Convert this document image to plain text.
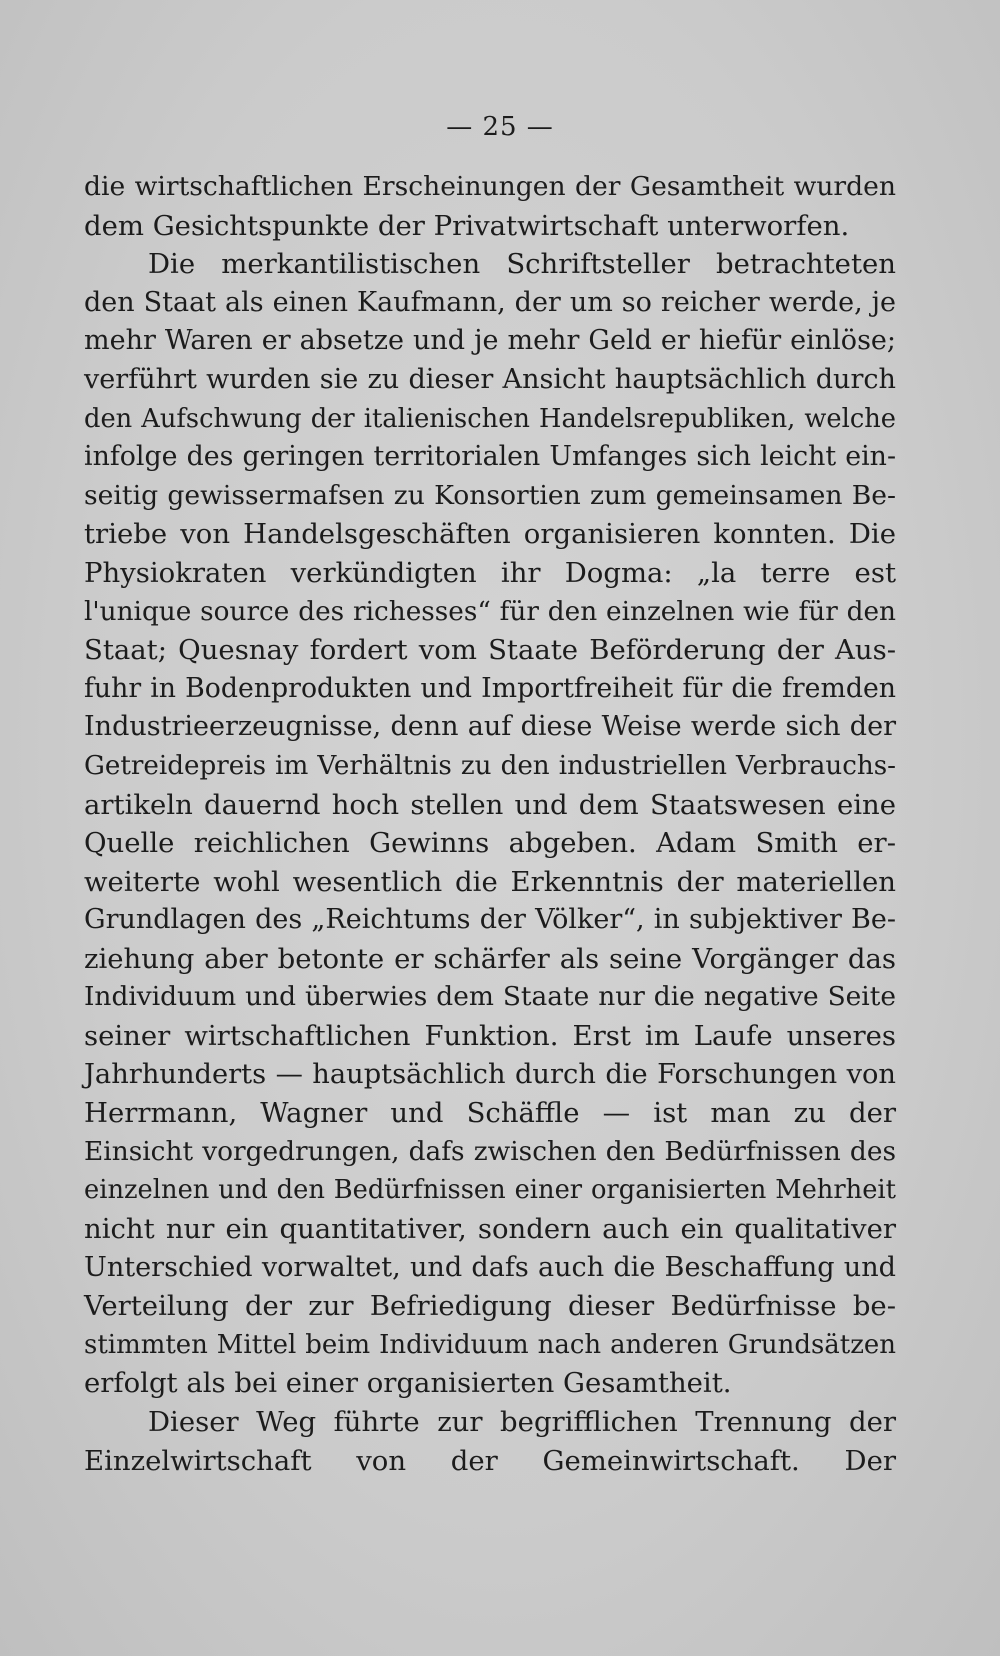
— 25 —
die wirtschaftlichen Erscheinungen der Gesamtheit wurden
dem Gesichtspunkte der Privatwirtschaft unterworfen.
Die merkantilistischen Schriftsteller betrachteten
den Staat als einen Kaufmann, der um so reicher werde, je
mehr Waren er absetze und je mehr Geld er hiefür einlöse;
verführt wurden sie zu dieser Ansicht hauptsächlich durch
den Aufschwung der italienischen Handelsrepubliken, welche
infolge des geringen territorialen Umfanges sich leicht ein-
seitig gewissermafsen zu Konsortien zum gemeinsamen Be-
triebe von Handelsgeschäften organisieren konnten. Die
Physiokraten verkündigten ihr Dogma: „la terre est
l'unique source des richesses“ für den einzelnen wie für den
Staat; Quesnay fordert vom Staate Beförderung der Aus-
fuhr in Bodenprodukten und Importfreiheit für die fremden
Industrieerzeugnisse, denn auf diese Weise werde sich der
Getreidepreis im Verhältnis zu den industriellen Verbrauchs-
artikeln dauernd hoch stellen und dem Staatswesen eine
Quelle reichlichen Gewinns abgeben. Adam Smith er-
weiterte wohl wesentlich die Erkenntnis der materiellen
Grundlagen des „Reichtums der Völker“, in subjektiver Be-
ziehung aber betonte er schärfer als seine Vorgänger das
Individuum und überwies dem Staate nur die negative Seite
seiner wirtschaftlichen Funktion. Erst im Laufe unseres
Jahrhunderts — hauptsächlich durch die Forschungen von
Herrmann, Wagner und Schäffle — ist man zu der
Einsicht vorgedrungen, dafs zwischen den Bedürfnissen des
einzelnen und den Bedürfnissen einer organisierten Mehrheit
nicht nur ein quantitativer, sondern auch ein qualitativer
Unterschied vorwaltet, und dafs auch die Beschaffung und
Verteilung der zur Befriedigung dieser Bedürfnisse be-
stimmten Mittel beim Individuum nach anderen Grundsätzen
erfolgt als bei einer organisierten Gesamtheit.
Dieser Weg führte zur begrifflichen Trennung der
Einzelwirtschaft von der Gemeinwirtschaft. Der
